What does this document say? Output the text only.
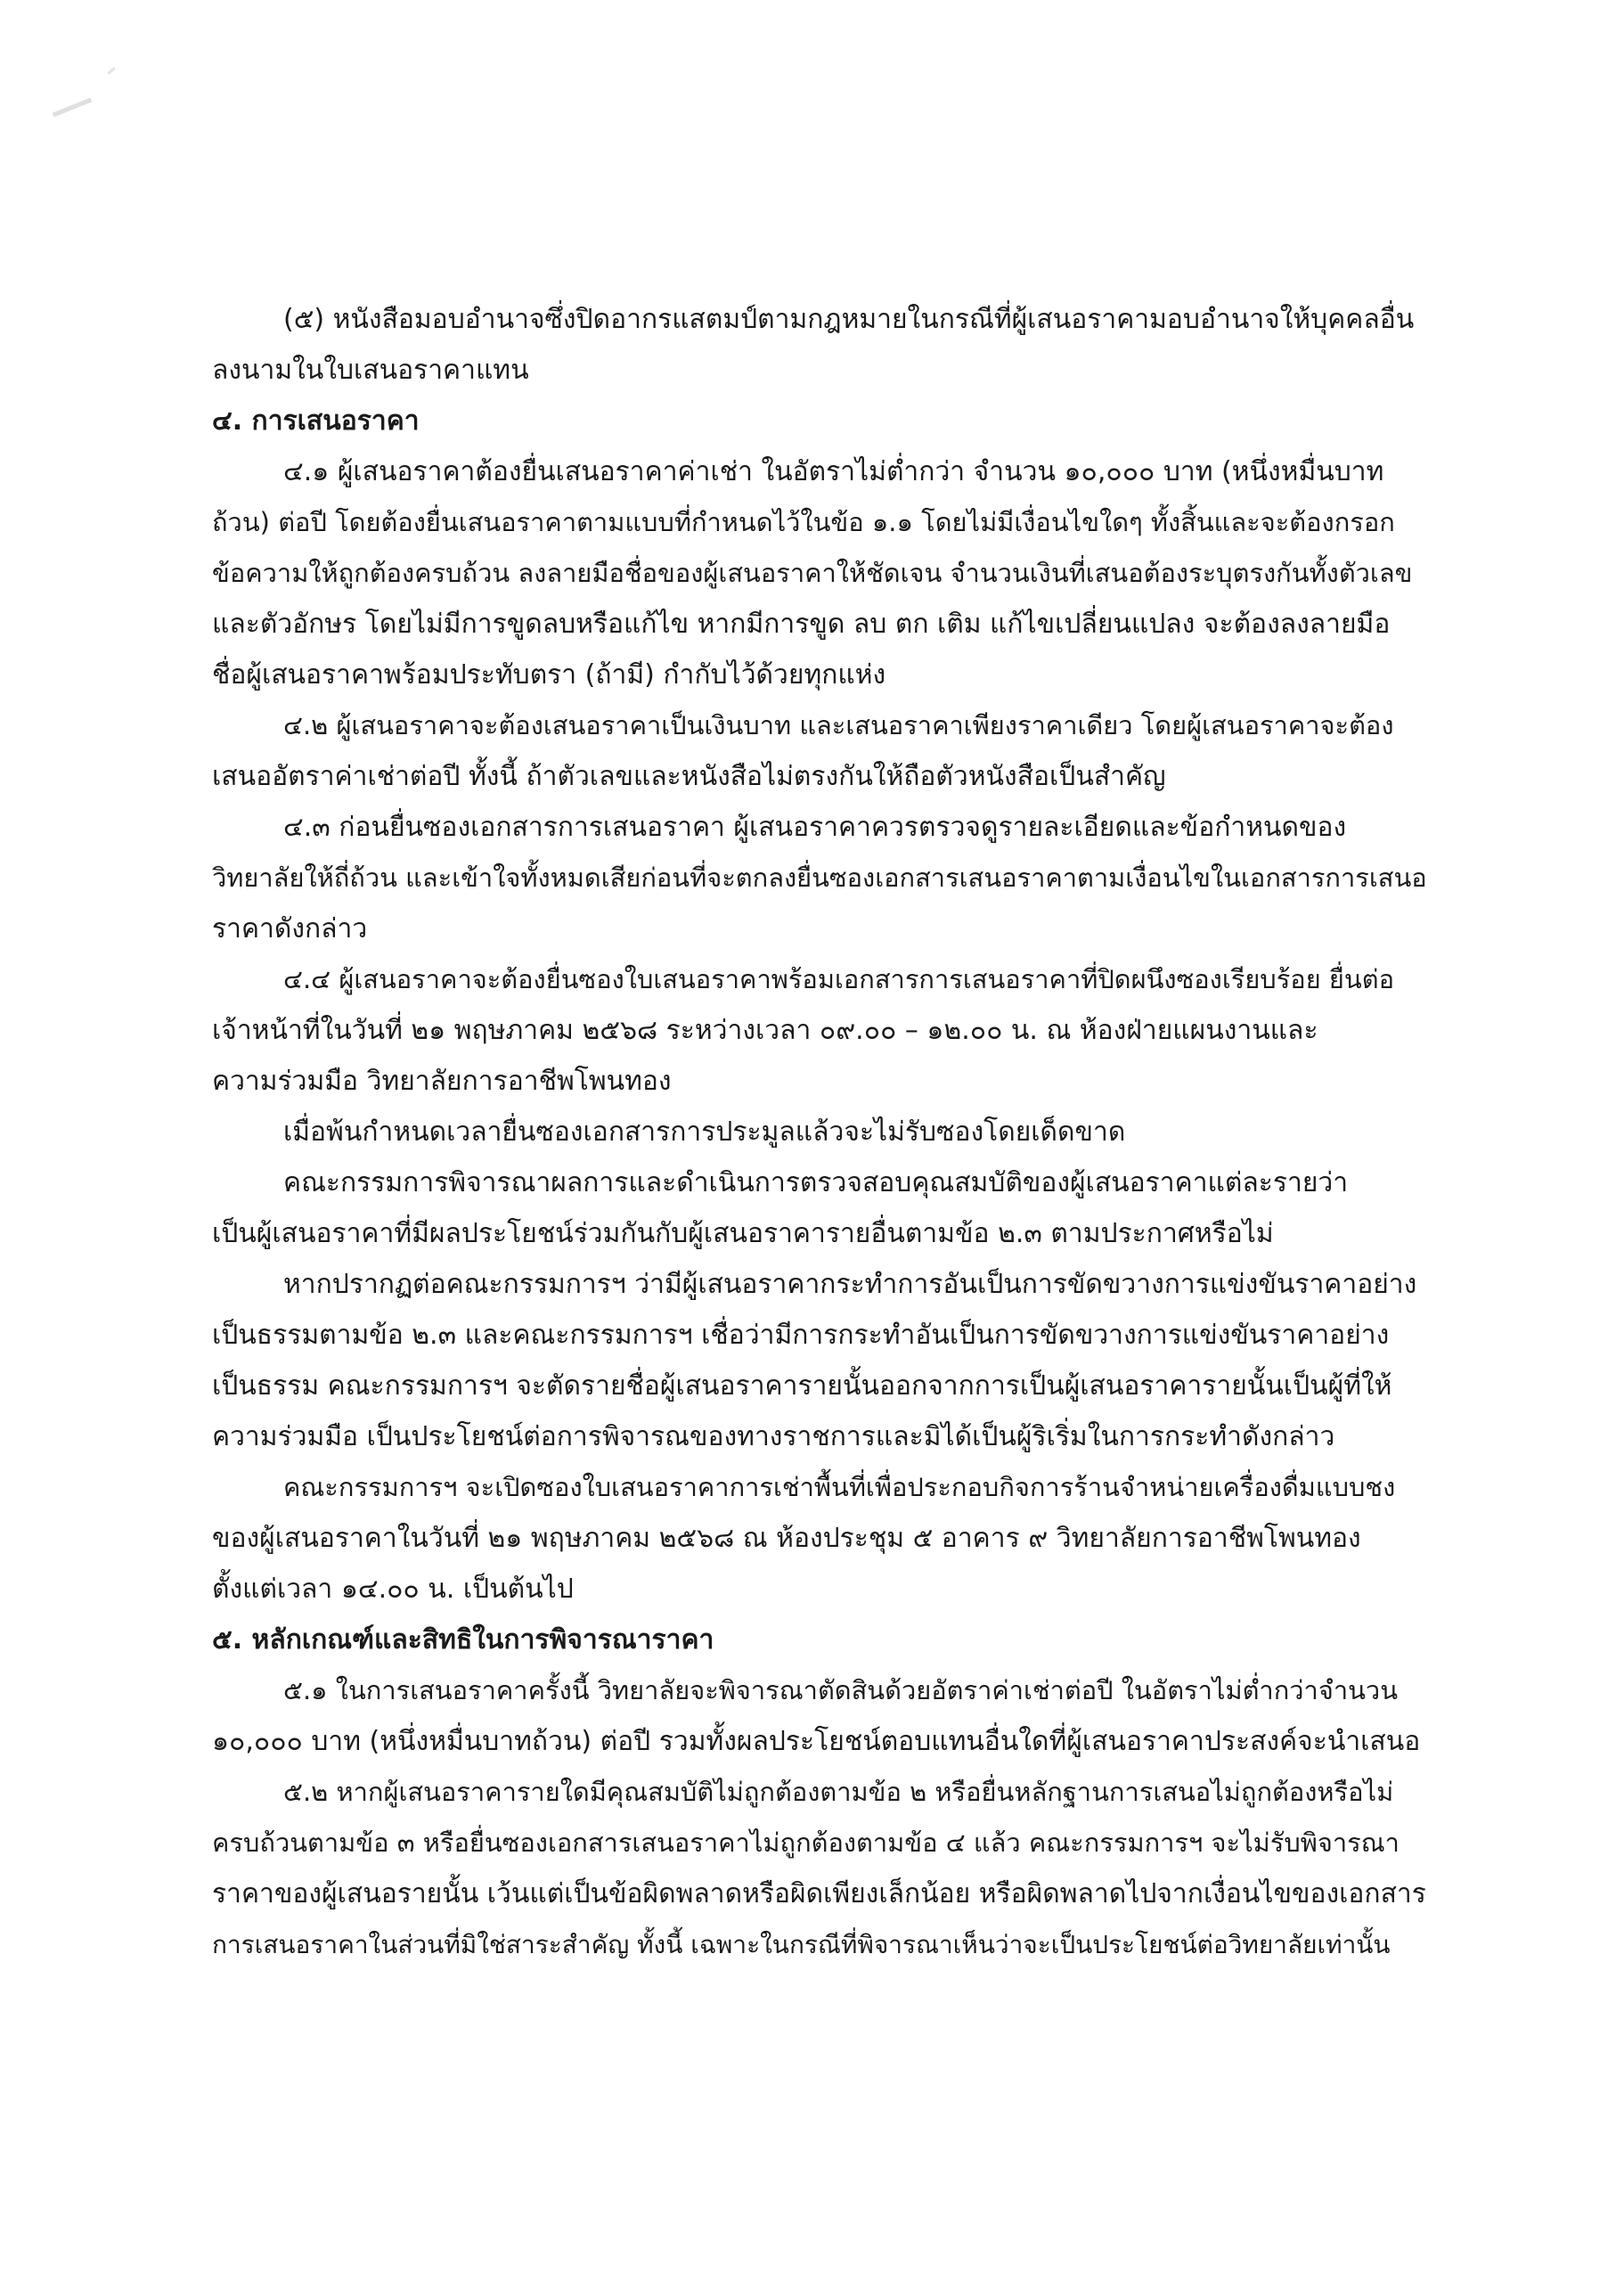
(๕) หนังสือมอบอำนาจซึ่งปิดอากรแสตมป์ตามกฎหมายในกรณีที่ผู้เสนอราคามอบอำนาจให้บุคคลอื่น
ลงนามในใบเสนอราคาแทน
๔. การเสนอราคา
๔.๑ ผู้เสนอราคาต้องยื่นเสนอราคาค่าเช่า ในอัตราไม่ต่ำกว่า จำนวน ๑๐,๐๐๐ บาท (หนึ่งหมื่นบาท
ถ้วน) ต่อปี โดยต้องยื่นเสนอราคาตามแบบที่กำหนดไว้ในข้อ ๑.๑ โดยไม่มีเงื่อนไขใดๆ ทั้งสิ้นและจะต้องกรอก
ข้อความให้ถูกต้องครบถ้วน ลงลายมือชื่อของผู้เสนอราคาให้ชัดเจน จำนวนเงินที่เสนอต้องระบุตรงกันทั้งตัวเลข
และตัวอักษร โดยไม่มีการขูดลบหรือแก้ไข หากมีการขูด ลบ ตก เติม แก้ไขเปลี่ยนแปลง จะต้องลงลายมือ
ชื่อผู้เสนอราคาพร้อมประทับตรา (ถ้ามี) กำกับไว้ด้วยทุกแห่ง
๔.๒ ผู้เสนอราคาจะต้องเสนอราคาเป็นเงินบาท และเสนอราคาเพียงราคาเดียว โดยผู้เสนอราคาจะต้อง
เสนออัตราค่าเช่าต่อปี ทั้งนี้ ถ้าตัวเลขและหนังสือไม่ตรงกันให้ถือตัวหนังสือเป็นสำคัญ
๔.๓ ก่อนยื่นซองเอกสารการเสนอราคา ผู้เสนอราคาควรตรวจดูรายละเอียดและข้อกำหนดของ
วิทยาลัยให้ถี่ถ้วน และเข้าใจทั้งหมดเสียก่อนที่จะตกลงยื่นซองเอกสารเสนอราคาตามเงื่อนไขในเอกสารการเสนอ
ราคาดังกล่าว
๔.๔ ผู้เสนอราคาจะต้องยื่นซองใบเสนอราคาพร้อมเอกสารการเสนอราคาที่ปิดผนึงซองเรียบร้อย ยื่นต่อ
เจ้าหน้าที่ในวันที่ ๒๑ พฤษภาคม ๒๕๖๘ ระหว่างเวลา ๐๙.๐๐ – ๑๒.๐๐ น. ณ ห้องฝ่ายแผนงานและ
ความร่วมมือ วิทยาลัยการอาชีพโพนทอง
เมื่อพ้นกำหนดเวลายื่นซองเอกสารการประมูลแล้วจะไม่รับซองโดยเด็ดขาด
คณะกรรมการพิจารณาผลการและดำเนินการตรวจสอบคุณสมบัติของผู้เสนอราคาแต่ละรายว่า
เป็นผู้เสนอราคาที่มีผลประโยชน์ร่วมกันกับผู้เสนอราคารายอื่นตามข้อ ๒.๓ ตามประกาศหรือไม่
หากปรากฏต่อคณะกรรมการฯ ว่ามีผู้เสนอราคากระทำการอันเป็นการขัดขวางการแข่งขันราคาอย่าง
เป็นธรรมตามข้อ ๒.๓ และคณะกรรมการฯ เชื่อว่ามีการกระทำอันเป็นการขัดขวางการแข่งขันราคาอย่าง
เป็นธรรม คณะกรรมการฯ จะตัดรายชื่อผู้เสนอราคารายนั้นออกจากการเป็นผู้เสนอราคารายนั้นเป็นผู้ที่ให้
ความร่วมมือ เป็นประโยชน์ต่อการพิจารณของทางราชการและมิได้เป็นผู้ริเริ่มในการกระทำดังกล่าว
คณะกรรมการฯ จะเปิดซองใบเสนอราคาการเช่าพื้นที่เพื่อประกอบกิจการร้านจำหน่ายเครื่องดื่มแบบชง
ของผู้เสนอราคาในวันที่ ๒๑ พฤษภาคม ๒๕๖๘ ณ ห้องประชุม ๕ อาคาร ๙ วิทยาลัยการอาชีพโพนทอง
ตั้งแต่เวลา ๑๔.๐๐ น. เป็นต้นไป
๕. หลักเกณฑ์และสิทธิในการพิจารณาราคา
๕.๑ ในการเสนอราคาครั้งนี้ วิทยาลัยจะพิจารณาตัดสินด้วยอัตราค่าเช่าต่อปี ในอัตราไม่ต่ำกว่าจำนวน
๑๐,๐๐๐ บาท (หนึ่งหมื่นบาทถ้วน) ต่อปี รวมทั้งผลประโยชน์ตอบแทนอื่นใดที่ผู้เสนอราคาประสงค์จะนำเสนอ
๕.๒ หากผู้เสนอราคารายใดมีคุณสมบัติไม่ถูกต้องตามข้อ ๒ หรือยื่นหลักฐานการเสนอไม่ถูกต้องหรือไม่
ครบถ้วนตามข้อ ๓ หรือยื่นซองเอกสารเสนอราคาไม่ถูกต้องตามข้อ ๔ แล้ว คณะกรรมการฯ จะไม่รับพิจารณา
ราคาของผู้เสนอรายนั้น เว้นแต่เป็นข้อผิดพลาดหรือผิดเพียงเล็กน้อย หรือผิดพลาดไปจากเงื่อนไขของเอกสาร
การเสนอราคาในส่วนที่มิใช่สาระสำคัญ ทั้งนี้ เฉพาะในกรณีที่พิจารณาเห็นว่าจะเป็นประโยชน์ต่อวิทยาลัยเท่านั้น
